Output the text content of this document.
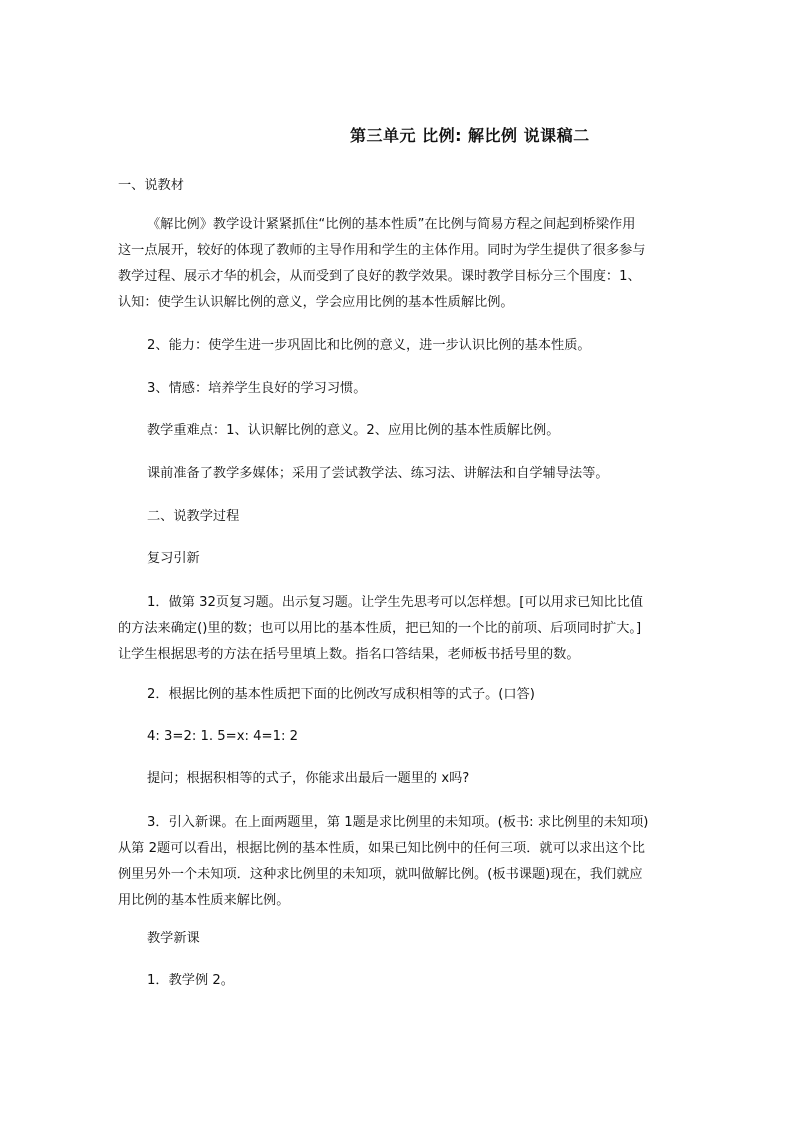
第三单元 比例: 解比例 说课稿二
一、说教材
《解比例》教学设计紧紧抓住“比例的基本性质”在比例与简易方程之间起到桥梁作用
这一点展开，较好的体现了教师的主导作用和学生的主体作用。同时为学生提供了很多参与
教学过程、展示才华的机会，从而受到了良好的教学效果。课时教学目标分三个围度：1、
认知：使学生认识解比例的意义，学会应用比例的基本性质解比例。
2、能力：使学生进一步巩固比和比例的意义，进一步认识比例的基本性质。
3、情感：培养学生良好的学习习惯。
教学重难点：1、认识解比例的意义。2、应用比例的基本性质解比例。
课前准备了教学多媒体；采用了尝试教学法、练习法、讲解法和自学辅导法等。
二、说教学过程
复习引新
1．做第 32页复习题。出示复习题。让学生先思考可以怎样想。[可以用求已知比比值
的方法来确定()里的数；也可以用比的基本性质，把已知的一个比的前项、后项同时扩大。]
让学生根据思考的方法在括号里填上数。指名口答结果，老师板书括号里的数。
2．根据比例的基本性质把下面的比例改写成积相等的式子。(口答)
4: 3=2: 1. 5=x: 4=1: 2
提问；根据积相等的式子，你能求出最后一题里的 x吗?
3．引入新课。在上面两题里，第 1题是求比例里的未知项。(板书: 求比例里的未知项)
从第 2题可以看出，根据比例的基本性质，如果已知比例中的任何三项．就可以求出这个比
例里另外一个未知项．这种求比例里的未知项，就叫做解比例。(板书课题)现在，我们就应
用比例的基本性质来解比例。
教学新课
1．教学例 2。
